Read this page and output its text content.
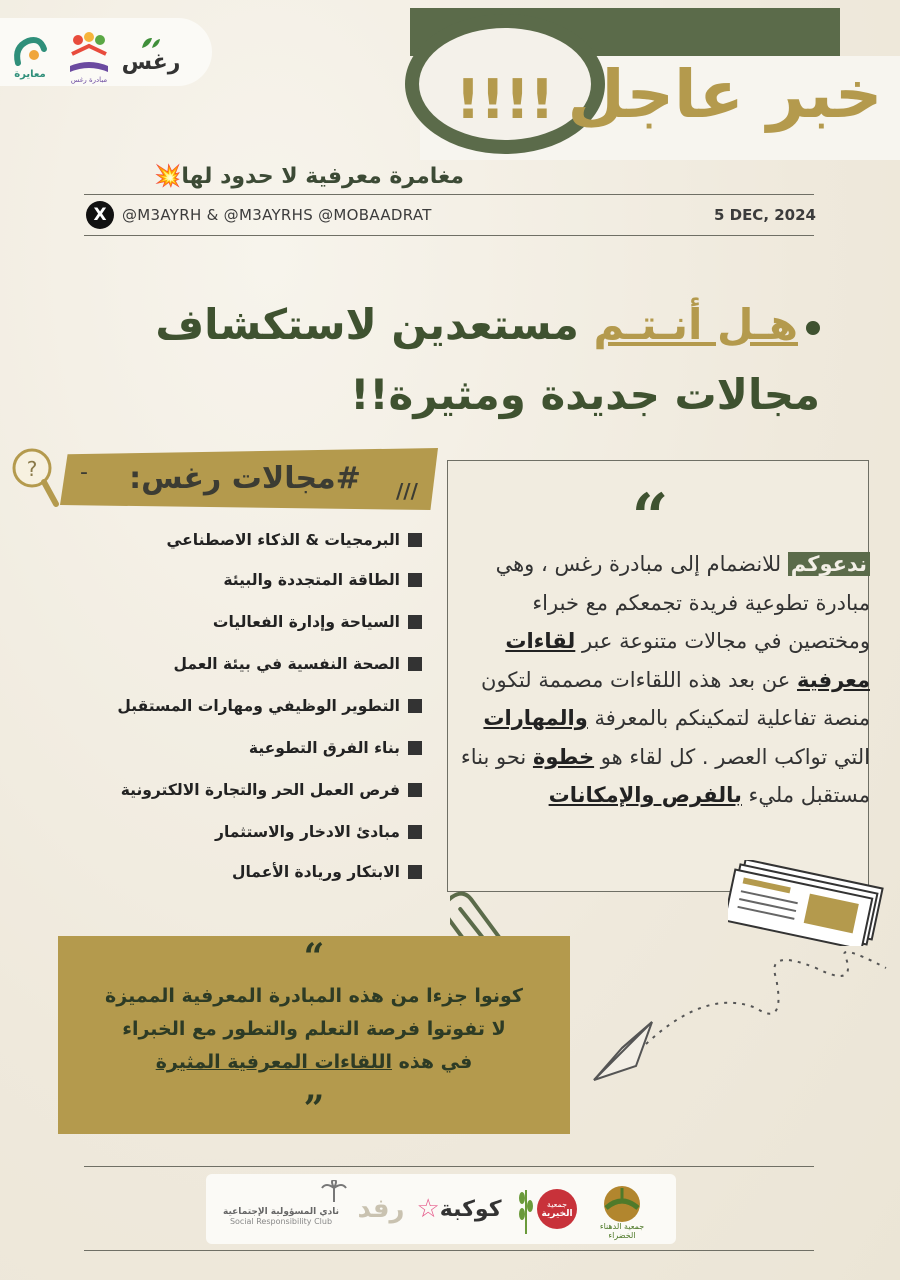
معايرة
مبادرة رغس
رغس
!!!! خبر عاجل
مغامرة معرفية لا حدود لها💥
X	@M3AYRH & @M3AYRHS @MOBAADRAT	5 DEC, 2024
هـل أنـتـم مستعدين لاستكشاف
مجالات جديدة ومثيرة!!
? -	#مجالات رغس:	///
البرمجيات & الذكاء الاصطناعي
الطاقة المتجددة والبيئة
السياحة وإدارة الفعاليات
الصحة النفسية في بيئة العمل
التطوير الوظيفي ومهارات المستقبل
بناء الفرق التطوعية
فرص العمل الحر والتجارة الالكترونية
مبادئ الادخار والاستثمار
الابتكار وريادة الأعمال
“
ندعوكم للانضمام إلى مبادرة رغس ، وهي مبادرة تطوعية فريدة تجمعكم مع خبراء ومختصين في مجالات متنوعة عبر لقاءات معرفية عن بعد هذه اللقاءات مصممة لتكون منصة تفاعلية لتمكينكم بالمعرفة والمهارات التي تواكب العصر . كل لقاء هو خطوة نحو بناء مستقبل مليء بالفرص والإمكانات
“
كونوا جزءا من هذه المبادرة المعرفية المميزة
لا تفوتوا فرصة التعلم والتطور مع الخبراء
في هذه اللقاءات المعرفية المثيرة
”
جمعية الدهناء الخضراء
جمعية
الخيرية
☆ كوكبة
رفد
نادي المسؤولية الإجتماعية
Social Responsibility Club
